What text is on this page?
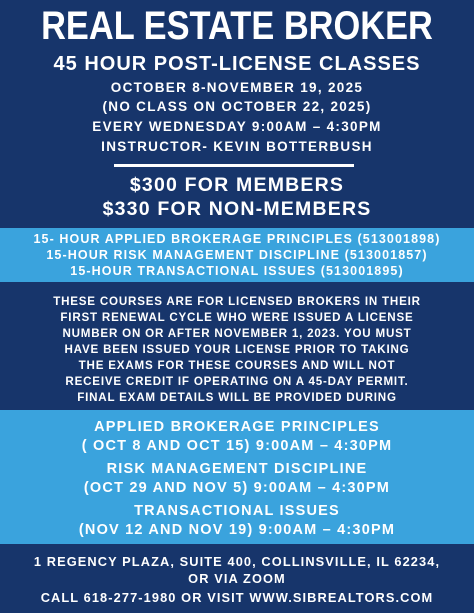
REAL ESTATE BROKER
45 HOUR POST-LICENSE CLASSES
OCTOBER 8-NOVEMBER 19, 2025
(NO CLASS ON OCTOBER 22, 2025)
EVERY WEDNESDAY 9:00AM – 4:30PM
INSTRUCTOR- KEVIN BOTTERBUSH
$300 FOR MEMBERS
$330 FOR NON-MEMBERS
15- HOUR APPLIED BROKERAGE PRINCIPLES (513001898)
15-HOUR RISK MANAGEMENT DISCIPLINE (513001857)
15-HOUR TRANSACTIONAL ISSUES (513001895)
THESE COURSES ARE FOR LICENSED BROKERS IN THEIR
FIRST RENEWAL CYCLE WHO WERE ISSUED A LICENSE
NUMBER ON OR AFTER NOVEMBER 1, 2023. YOU MUST
HAVE BEEN ISSUED YOUR LICENSE PRIOR TO TAKING
THE EXAMS FOR THESE COURSES AND WILL NOT
RECEIVE CREDIT IF OPERATING ON A 45-DAY PERMIT.
FINAL EXAM DETAILS WILL BE PROVIDED DURING
APPLIED BROKERAGE PRINCIPLES
( OCT 8 AND OCT 15) 9:00AM – 4:30PM
RISK MANAGEMENT DISCIPLINE
(OCT 29 AND NOV 5) 9:00AM – 4:30PM
TRANSACTIONAL ISSUES
(NOV 12 AND NOV 19) 9:00AM – 4:30PM
1 REGENCY PLAZA, SUITE 400, COLLINSVILLE, IL 62234,
OR VIA ZOOM
CALL 618-277-1980 OR VISIT WWW.SIBREALTORS.COM
